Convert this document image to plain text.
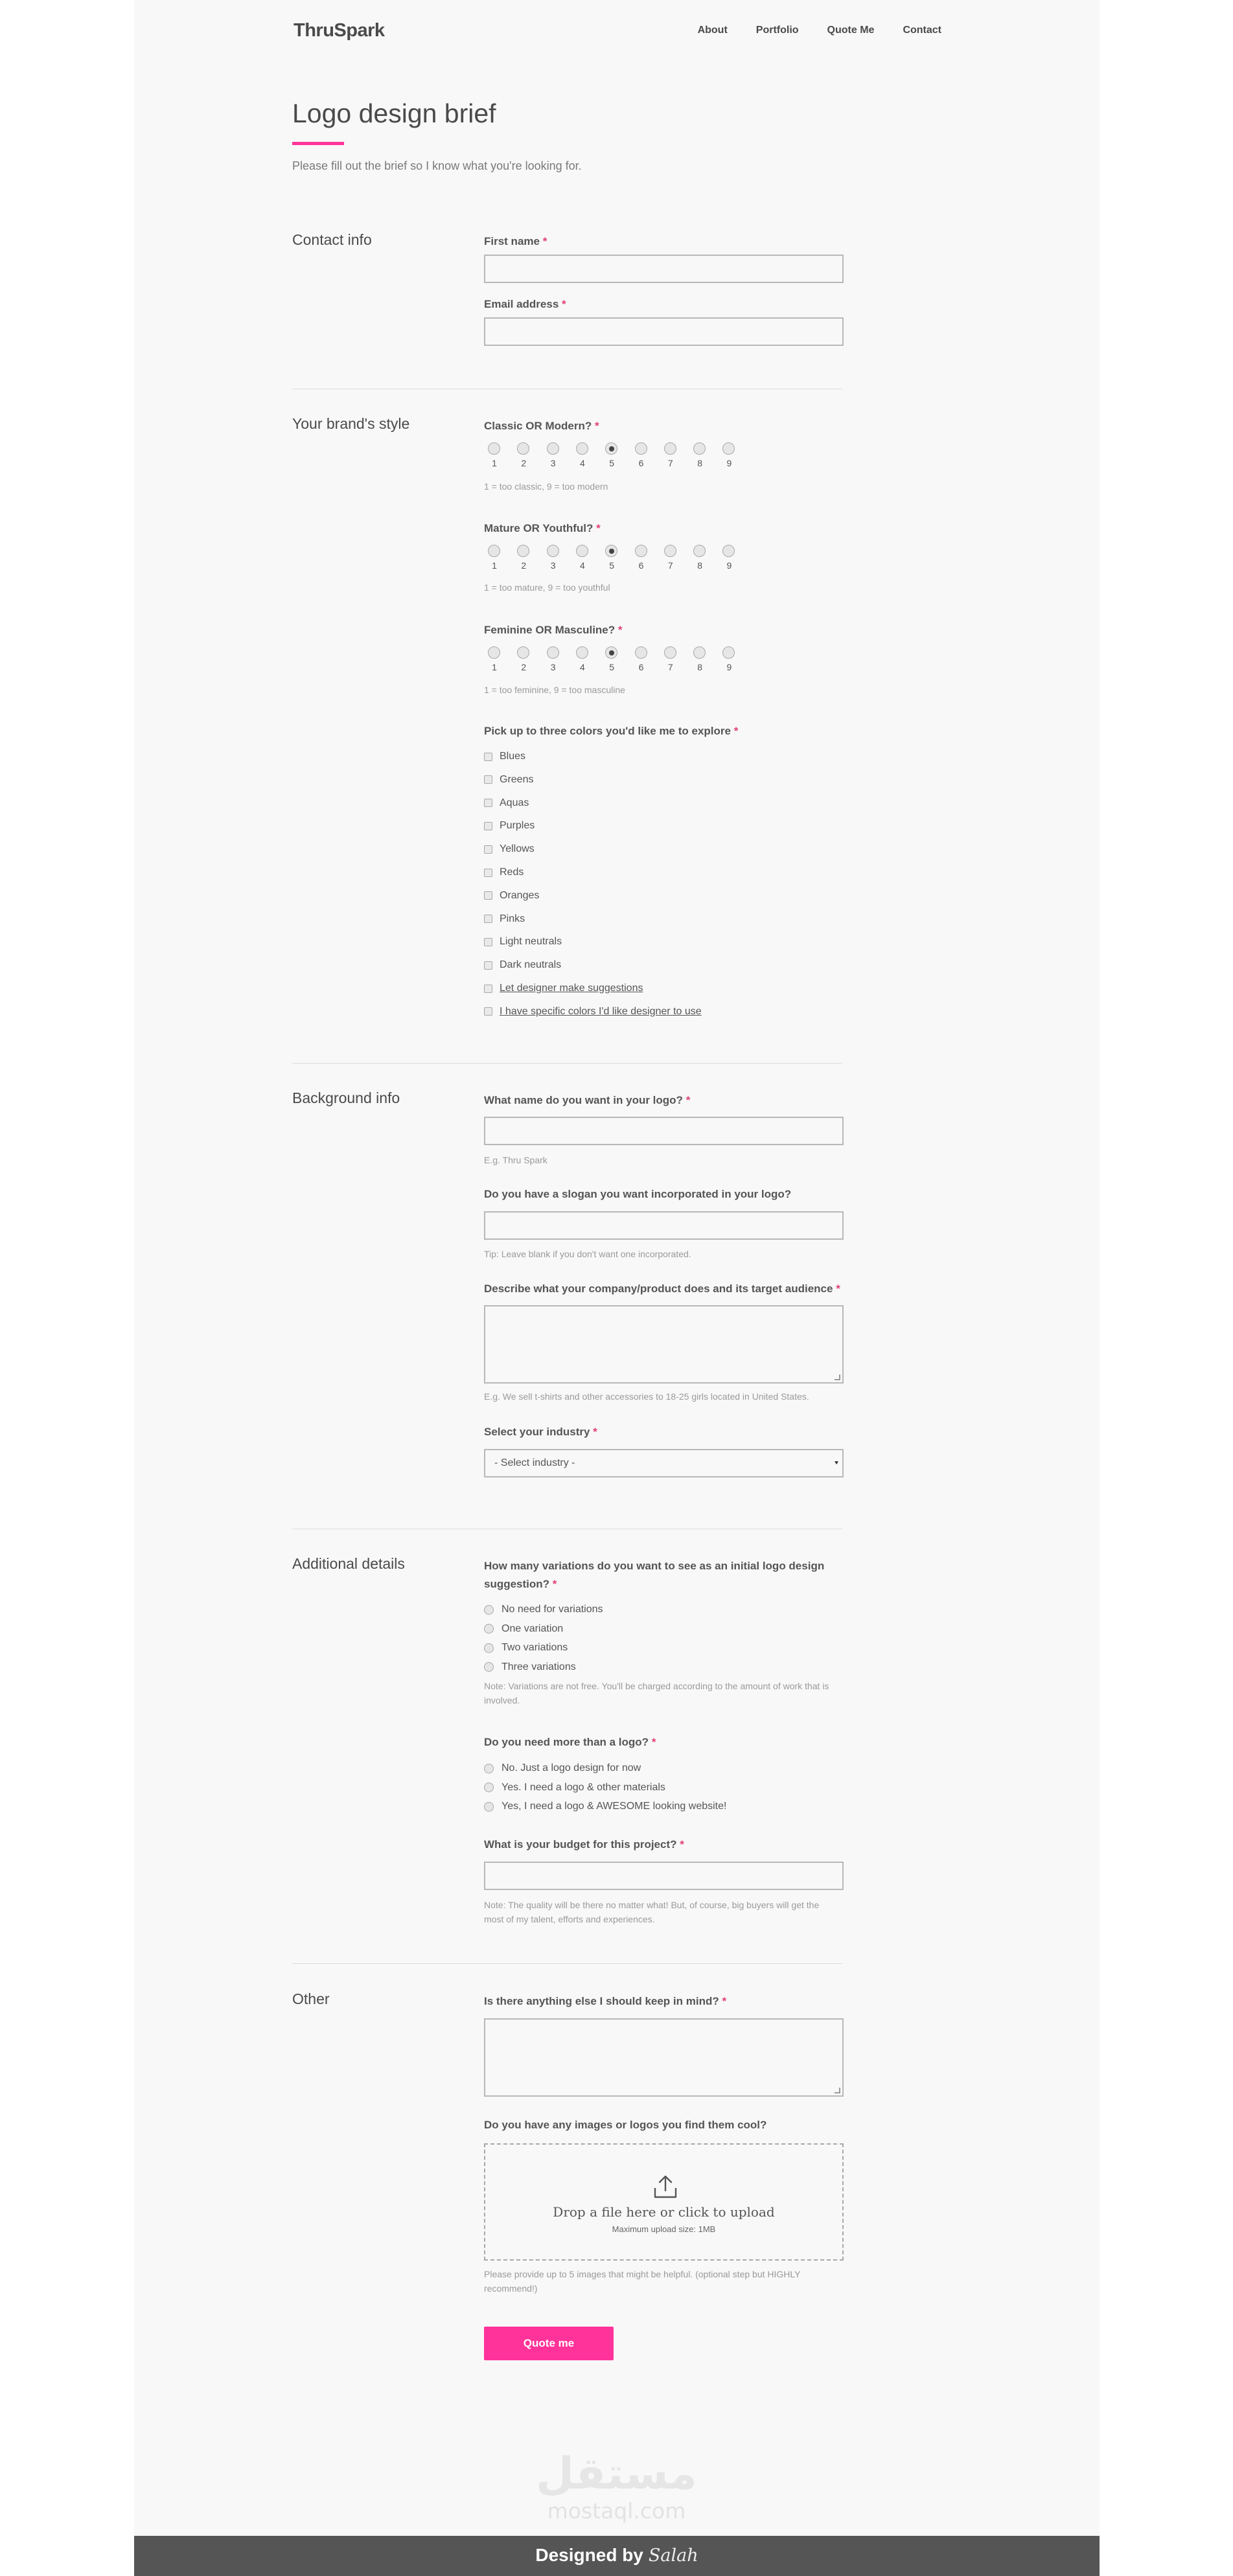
ThruSpark	About	Portfolio	Quote Me	Contact
Logo design brief
Please fill out the brief so I know what you're looking for.
Contact info	First name *
Email address *
Your brand's style	Classic OR Modern? *
1	2	3	4	5	6	7	8	9
1 = too classic, 9 = too modern
Mature OR Youthful? *
1	2	3	4	5	6	7	8	9
1 = too mature, 9 = too youthful
Feminine OR Masculine? *
1	2	3	4	5	6	7	8	9
1 = too feminine, 9 = too masculine
Pick up to three colors you'd like me to explore *
Blues
Greens
Aquas
Purples
Yellows
Reds
Oranges
Pinks
Light neutrals
Dark neutrals
Let designer make suggestions
I have specific colors I'd like designer to use
Background info	What name do you want in your logo? *
E.g. Thru Spark
Do you have a slogan you want incorporated in your logo?
Tip: Leave blank if you don't want one incorporated.
Describe what your company/product does and its target audience *
E.g. We sell t-shirts and other accessories to 18-25 girls located in United States.
Select your industry *
- Select industry -
Additional details	How many variations do you want to see as an initial logo design
suggestion? *
No need for variations
One variation
Two variations
Three variations
Note: Variations are not free. You'll be charged according to the amount of work that is
involved.
Do you need more than a logo? *
No. Just a logo design for now
Yes. I need a logo & other materials
Yes, I need a logo & AWESOME looking website!
What is your budget for this project? *
Note: The quality will be there no matter what! But, of course, big buyers will get the
most of my talent, efforts and experiences.
Other	Is there anything else I should keep in mind? *
Do you have any images or logos you find them cool?
Drop a file here or click to upload
Maximum upload size: 1MB
Please provide up to 5 images that might be helpful. (optional step but HIGHLY
recommend!)
Quote me
مستقل
mostaql.com
Designed by Salah
